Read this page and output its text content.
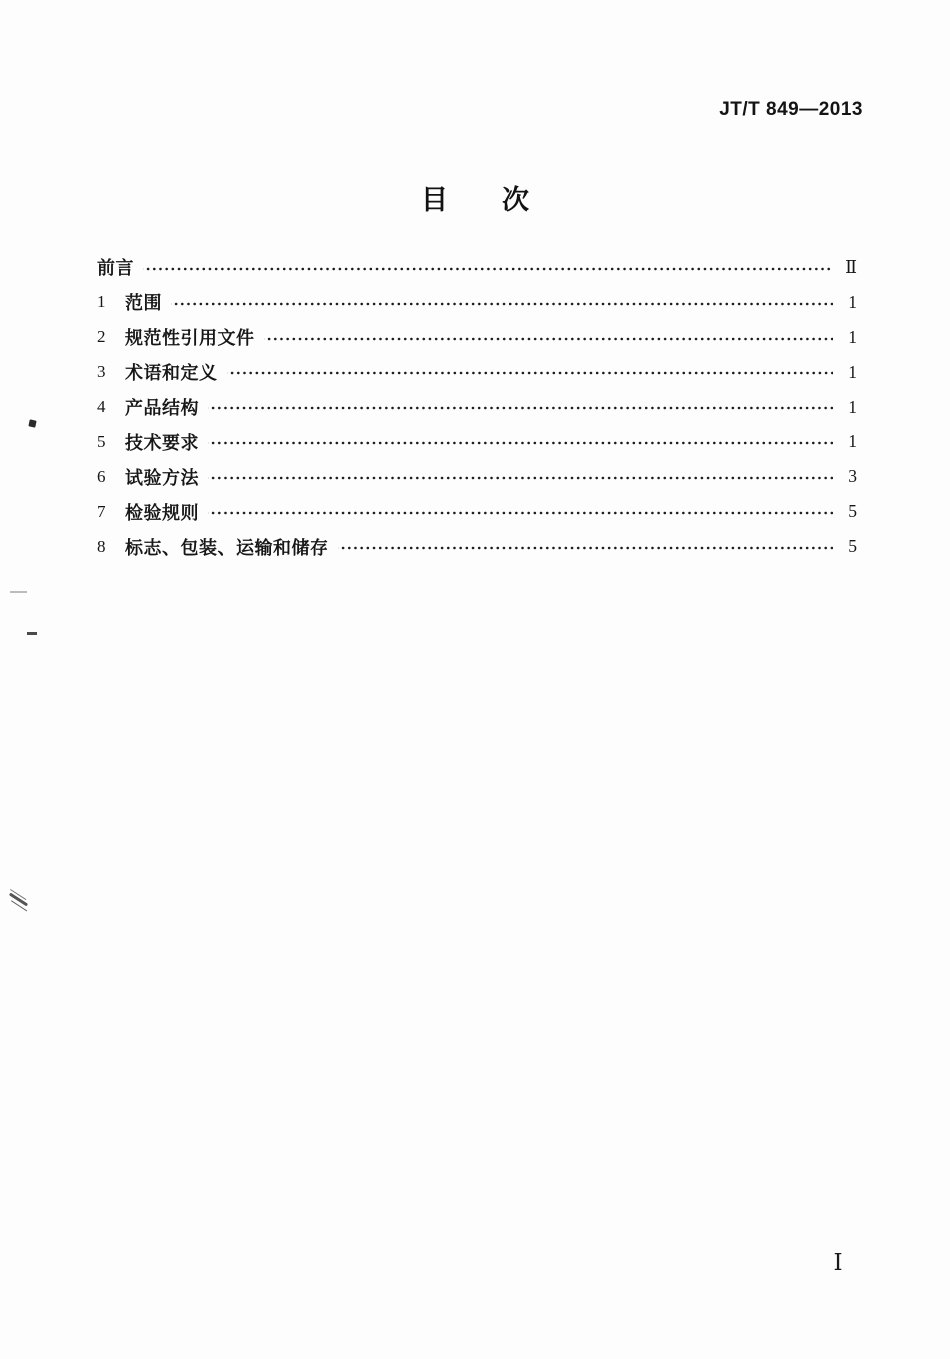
JT/T 849—2013
目　　次
前言	Ⅱ
1	范围	1
2	规范性引用文件	1
3	术语和定义	1
4	产品结构	1
5	技术要求	1
6	试验方法	3
7	检验规则	5
8	标志、包装、运输和储存	5
Ⅰ
